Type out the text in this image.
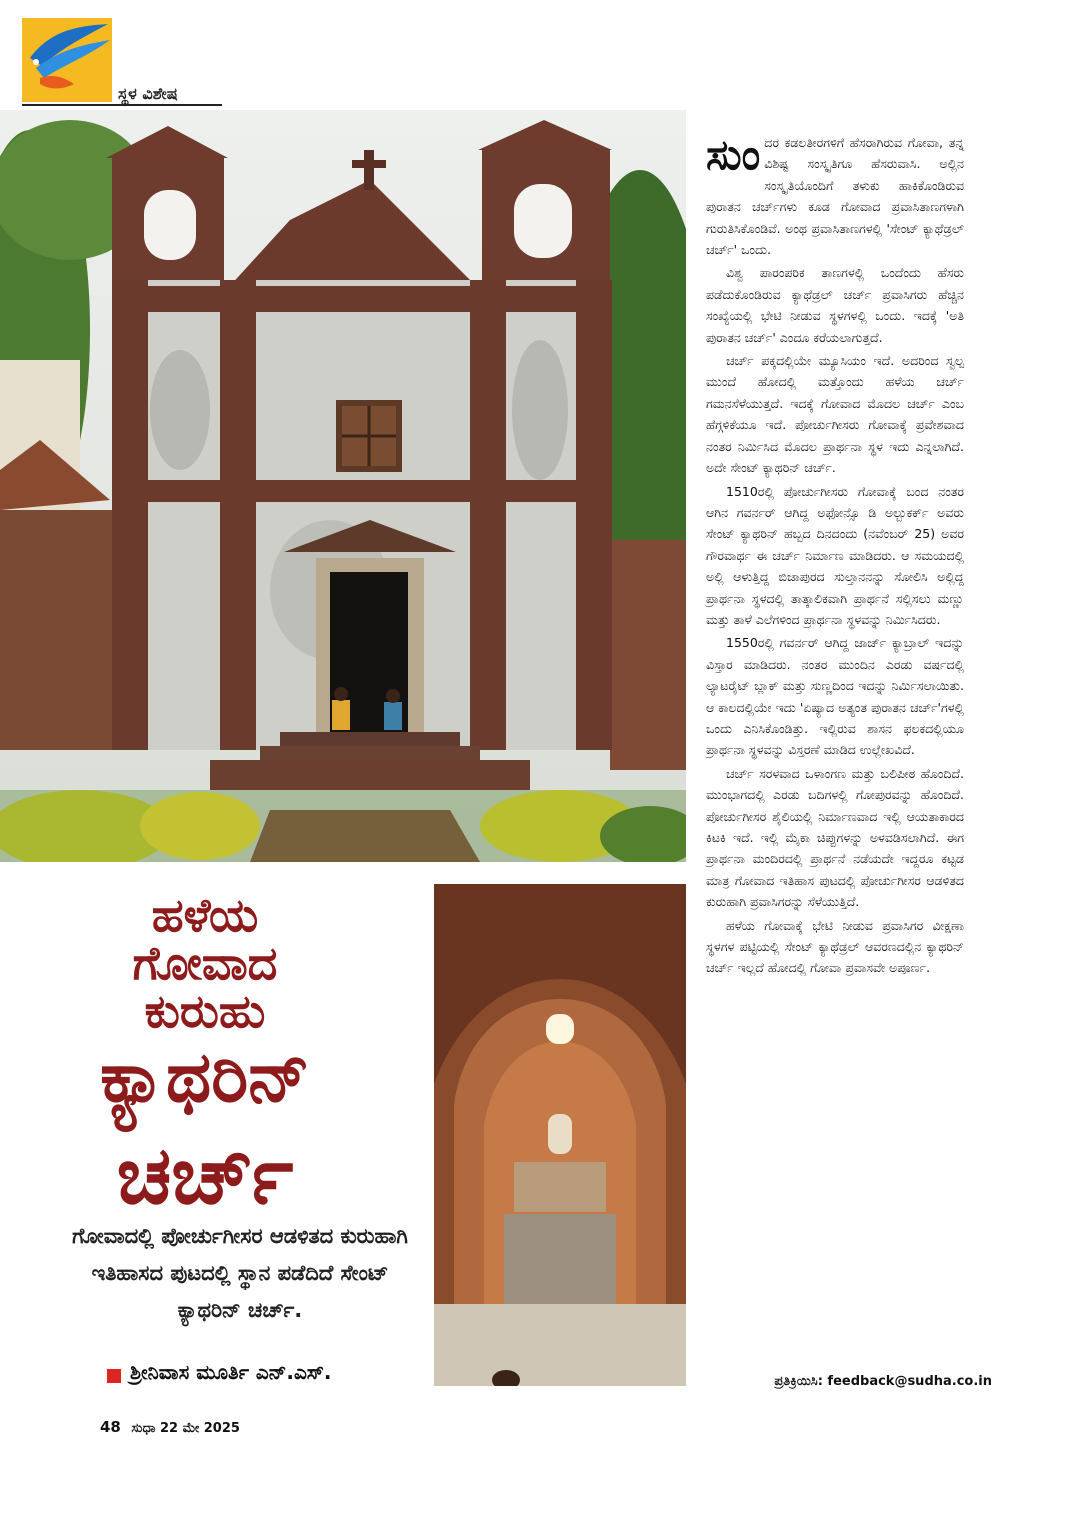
ಸ್ಥಳ ವಿಶೇಷ
ಹಳೆಯ
ಗೋವಾದ
ಕುರುಹು
ಕ್ಯಾಥರಿನ್
ಚರ್ಚ್
ಗೋವಾದಲ್ಲಿ ಪೋರ್ಚುಗೀಸರ ಆಡಳಿತದ ಕುರುಹಾಗಿ ಇತಿಹಾಸದ ಪುಟದಲ್ಲಿ ಸ್ಥಾನ ಪಡೆದಿದೆ ಸೇಂಟ್ ಕ್ಯಾಥರಿನ್ ಚರ್ಚ್.
ಶ್ರೀನಿವಾಸ ಮೂರ್ತಿ ಎನ್.ಎಸ್.

ಸುಂದರ ಕಡಲತೀರಗಳಿಗೆ ಹೆಸರಾಗಿರುವ ಗೋವಾ, ತನ್ನ ವಿಶಿಷ್ಟ ಸಂಸ್ಕೃತಿಗೂ ಹೆಸರುವಾಸಿ. ಅಲ್ಲಿನ ಸಂಸ್ಕೃತಿಯೊಂದಿಗೆ ತಳುಕು ಹಾಕಿಕೊಂಡಿರುವ ಪುರಾತನ ಚರ್ಚ್‌ಗಳು ಕೂಡ ಗೋವಾದ ಪ್ರವಾಸಿತಾಣಗಳಾಗಿ ಗುರುತಿಸಿಕೊಂಡಿವೆ. ಅಂಥ ಪ್ರವಾಸಿತಾಣಗಳಲ್ಲಿ 'ಸೇಂಟ್ ಕ್ಯಾಥೆಡ್ರಲ್ ಚರ್ಚ್' ಒಂದು.

ವಿಶ್ವ ಪಾರಂಪರಿಕ ತಾಣಗಳಲ್ಲಿ ಒಂದೆಂದು ಹೆಸರು ಪಡೆದುಕೊಂಡಿರುವ ಕ್ಯಾಥೆಡ್ರಲ್ ಚರ್ಚ್ ಪ್ರವಾಸಿಗರು ಹೆಚ್ಚಿನ ಸಂಖ್ಯೆಯಲ್ಲಿ ಭೇಟಿ ನೀಡುವ ಸ್ಥಳಗಳಲ್ಲಿ ಒಂದು. ಇದಕ್ಕೆ 'ಅತಿ ಪುರಾತನ ಚರ್ಚ್' ಎಂದೂ ಕರೆಯಲಾಗುತ್ತದೆ.

ಚರ್ಚ್ ಪಕ್ಕದಲ್ಲಿಯೇ ಮ್ಯೂಸಿಯಂ ಇದೆ. ಅದರಿಂದ ಸ್ವಲ್ಪ ಮುಂದೆ ಹೋದಲ್ಲಿ ಮತ್ತೊಂದು ಹಳೆಯ ಚರ್ಚ್ ಗಮನಸೆಳೆಯುತ್ತದೆ. ಇದಕ್ಕೆ ಗೋವಾದ ಮೊದಲ ಚರ್ಚ್ ಎಂಬ ಹೆಗ್ಗಳಿಕೆಯೂ ಇದೆ. ಪೋರ್ಚುಗೀಸರು ಗೋವಾಕ್ಕೆ ಪ್ರವೇಶವಾದ ನಂತರ ನಿರ್ಮಿಸಿದ ಮೊದಲ ಪ್ರಾರ್ಥನಾ ಸ್ಥಳ ಇದು ಎನ್ನಲಾಗಿದೆ. ಅದೇ ಸೇಂಟ್ ಕ್ಯಾಥರಿನ್ ಚರ್ಚ್.

1510ರಲ್ಲಿ ಪೋರ್ಚುಗೀಸರು ಗೋವಾಕ್ಕೆ ಬಂದ ನಂತರ ಆಗಿನ ಗವರ್ನರ್ ಆಗಿದ್ದ ಅಫೋನ್ಸೊ ಡಿ ಅಲ್ಬುಕರ್ಕ್ ಅವರು ಸೇಂಟ್ ಕ್ಯಾಥರಿನ್ ಹಬ್ಬದ ದಿನದಂದು (ನವೆಂಬರ್ 25) ಅವರ ಗೌರವಾರ್ಥ ಈ ಚರ್ಚ್ ನಿರ್ಮಾಣ ಮಾಡಿದರು. ಆ ಸಮಯದಲ್ಲಿ ಅಲ್ಲಿ ಆಳುತ್ತಿದ್ದ ಬಿಜಾಪುರದ ಸುಲ್ತಾನನನ್ನು ಸೋಲಿಸಿ ಅಲ್ಲಿದ್ದ ಪ್ರಾರ್ಥನಾ ಸ್ಥಳದಲ್ಲಿ ತಾತ್ಕಾಲಿಕವಾಗಿ ಪ್ರಾರ್ಥನೆ ಸಲ್ಲಿಸಲು ಮಣ್ಣು ಮತ್ತು ತಾಳೆ ಎಲೆಗಳಿಂದ ಪ್ರಾರ್ಥನಾ ಸ್ಥಳವನ್ನು ನಿರ್ಮಿಸಿದರು.

1550ರಲ್ಲಿ ಗವರ್ನರ್ ಆಗಿದ್ದ ಜಾರ್ಜ್ ಕ್ಯಾಬ್ರಾಲ್ ಇದನ್ನು ವಿಸ್ತಾರ ಮಾಡಿದರು. ನಂತರ ಮುಂದಿನ ಎರಡು ವರ್ಷದಲ್ಲಿ ಲ್ಯಾಟರೈಟ್ ಬ್ಲಾಕ್ ಮತ್ತು ಸುಣ್ಣದಿಂದ ಇದನ್ನು ನಿರ್ಮಿಸಲಾಯಿತು. ಆ ಕಾಲದಲ್ಲಿಯೇ ಇದು 'ಏಷ್ಯಾದ ಅತ್ಯಂತ ಪುರಾತನ ಚರ್ಚ್'ಗಳಲ್ಲಿ ಒಂದು ಎನಿಸಿಕೊಂಡಿತ್ತು. ಇಲ್ಲಿರುವ ಶಾಸನ ಫಲಕದಲ್ಲಿಯೂ ಪ್ರಾರ್ಥನಾ ಸ್ಥಳವನ್ನು ವಿಸ್ತರಣೆ ಮಾಡಿದ ಉಲ್ಲೇಖವಿದೆ.

ಚರ್ಚ್ ಸರಳವಾದ ಒಳಾಂಗಣ ಮತ್ತು ಬಲಿಪೀಠ ಹೊಂದಿದೆ. ಮುಂಭಾಗದಲ್ಲಿ ಎರಡು ಬದಿಗಳಲ್ಲಿ ಗೋಪುರವನ್ನು ಹೊಂದಿದೆ. ಪೋರ್ಚುಗೀಸರ ಶೈಲಿಯಲ್ಲಿ ನಿರ್ಮಾಣವಾದ ಇಲ್ಲಿ ಆಯತಾಕಾರದ ಕಿಟಕಿ ಇದೆ. ಇಲ್ಲಿ ಮೈಕಾ ಚಿಪ್ಪುಗಳನ್ನು ಅಳವಡಿಸಲಾಗಿದೆ. ಈಗ ಪ್ರಾರ್ಥನಾ ಮಂದಿರದಲ್ಲಿ ಪ್ರಾರ್ಥನೆ ನಡೆಯದೇ ಇದ್ದರೂ ಕಟ್ಟಡ ಮಾತ್ರ ಗೋವಾದ ಇತಿಹಾಸ ಪುಟದಲ್ಲಿ ಪೋರ್ಚುಗೀಸರ ಆಡಳಿತದ ಕುರುಹಾಗಿ ಪ್ರವಾಸಿಗರನ್ನು ಸೆಳೆಯುತ್ತಿದೆ.

ಹಳೆಯ ಗೋವಾಕ್ಕೆ ಭೇಟಿ ನೀಡುವ ಪ್ರವಾಸಿಗರ ವೀಕ್ಷಣಾ ಸ್ಥಳಗಳ ಪಟ್ಟಿಯಲ್ಲಿ ಸೇಂಟ್ ಕ್ಯಾಥೆಡ್ರಲ್ ಆವರಣದಲ್ಲಿನ ಕ್ಯಾಥರಿನ್ ಚರ್ಚ್ ಇಲ್ಲದೆ ಹೋದಲ್ಲಿ ಗೋವಾ ಪ್ರವಾಸವೇ ಅಪೂರ್ಣ.

ಪ್ರತಿಕ್ರಿಯಿಸಿ: feedback@sudha.co.in
48 ಸುಧಾ 22 ಮೇ 2025
